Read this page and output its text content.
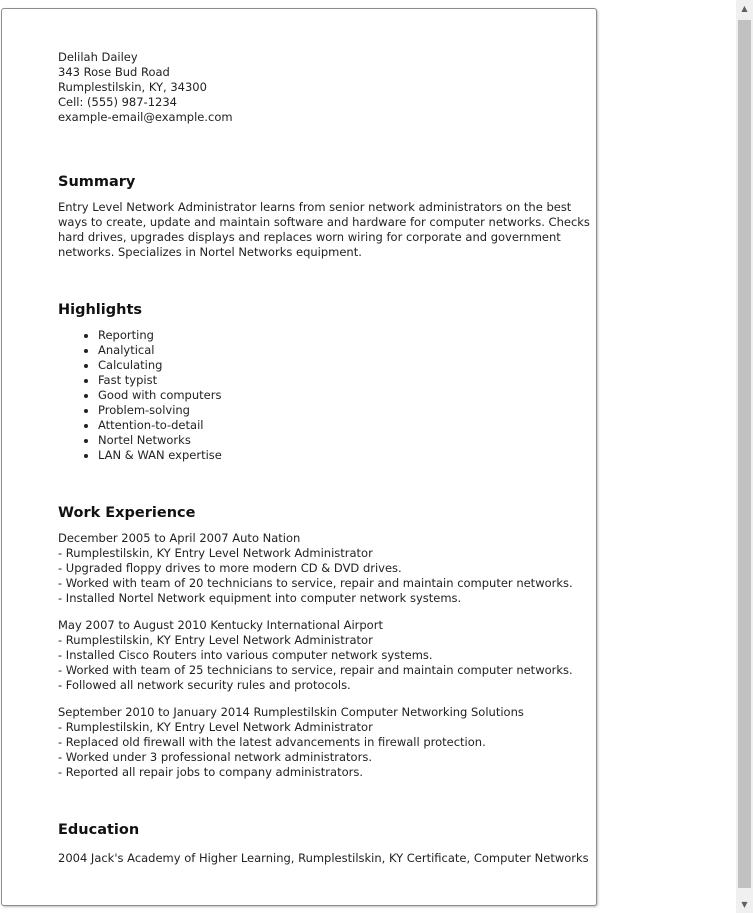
Delilah Dailey
343 Rose Bud Road
Rumplestilskin, KY, 34300
Cell: (555) 987-1234
example-email@example.com
Summary

Entry Level Network Administrator learns from senior network administrators on the best ways to create, update and maintain software and hardware for computer networks. Checks hard drives, upgrades displays and replaces worn wiring for corporate and government networks. Specializes in Nortel Networks equipment.

Highlights
• Reporting
• Analytical
• Calculating
• Fast typist
• Good with computers
• Problem-solving
• Attention-to-detail
• Nortel Networks
• LAN & WAN expertise
Work Experience
December 2005 to April 2007 Auto Nation
- Rumplestilskin, KY Entry Level Network Administrator
- Upgraded floppy drives to more modern CD & DVD drives.
- Worked with team of 20 technicians to service, repair and maintain computer networks.
- Installed Nortel Network equipment into computer network systems.
May 2007 to August 2010 Kentucky International Airport
- Rumplestilskin, KY Entry Level Network Administrator
- Installed Cisco Routers into various computer network systems.
- Worked with team of 25 technicians to service, repair and maintain computer networks.
- Followed all network security rules and protocols.
September 2010 to January 2014 Rumplestilskin Computer Networking Solutions
- Rumplestilskin, KY Entry Level Network Administrator
- Replaced old firewall with the latest advancements in firewall protection.
- Worked under 3 professional network administrators.
- Reported all repair jobs to company administrators.
Education
2004 Jack's Academy of Higher Learning, Rumplestilskin, KY Certificate, Computer Networks
▲
▼
